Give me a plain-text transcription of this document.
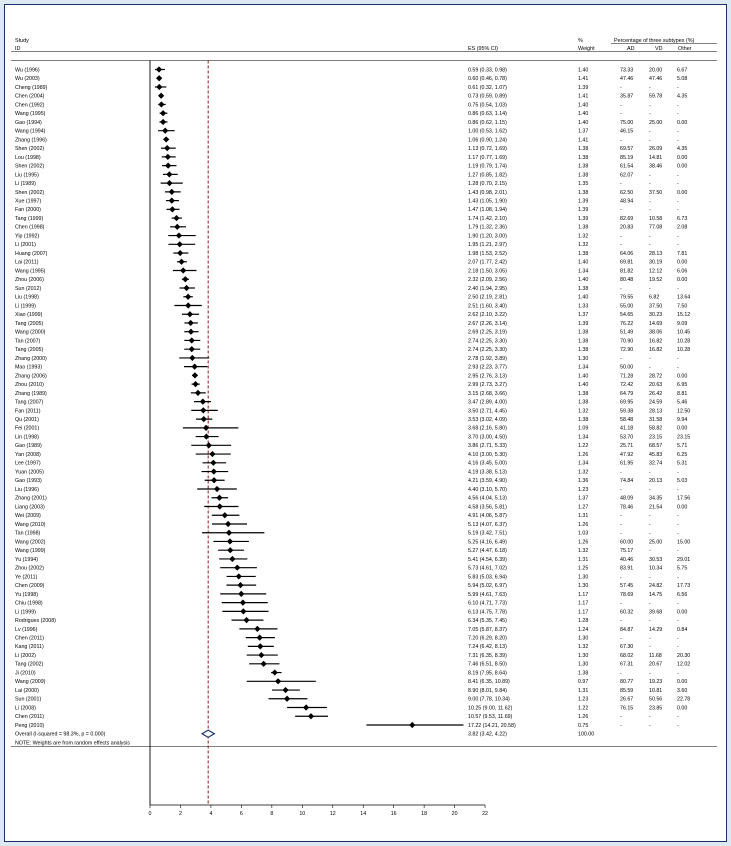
Study
ID	ES (95% CI)
%
Weight
Percentage of three subtypes (%)
AD	VD	Other
Wu (1996)	0.59 (0.33, 0.98)	1.40	73.33	20.00	6.67
Wu (2003)	0.60 (0.46, 0.78)	1.41	47.46	47.46	5.08
Cheng (1989)	0.61 (0.32, 1.07)	1.39	-	-	-
Chen (2004)	0.73 (0.59, 0.89)	1.41	35.87	59.78	4.35
Chen (1992)	0.75 (0.54, 1.03)	1.40	-	-	-
Wang (1995)	0.86 (0.63, 1.14)	1.40	-	-	-
Gao (1994)	0.86 (0.62, 1.15)	1.40	75.00	25.00	0.00
Wang (1994)	1.00 (0.53, 1.62)	1.37	46.15	-	-
Zhang (1996)	1.06 (0.90, 1.24)	1.41	-	-	-
Shen (2002)	1.13 (0.72, 1.69)	1.38	69.57	26.09	4.35
Lou (1998)	1.17 (0.77, 1.69)	1.38	85.19	14.81	0.00
Shen (2002)	1.19 (0.79, 1.74)	1.38	61.54	38.46	0.00
Liu (1995)	1.27 (0.85, 1.82)	1.38	62.07	-	-
Li (1989)	1.28 (0.70, 2.15)	1.35	-	-	-
Shen (2002)	1.43 (0.98, 2.01)	1.38	62.50	37.50	0.00
Xue (1997)	1.43 (1.05, 1.90)	1.39	48.94	-	-
Fan (2000)	1.47 (1.08, 1.94)	1.39	-	-	-
Tang (1999)	1.74 (1.42, 2.10)	1.39	82.69	10.58	6.73
Chen (1998)	1.79 (1.32, 2.36)	1.38	20.83	77.08	2.08
Yip (1992)	1.90 (1.20, 3.00)	1.32	-	-	-
Li (2001)	1.95 (1.21, 2.97)	1.32	-	-	-
Huang (2007)	1.98 (1.53, 2.52)	1.38	64.06	28.13	7.81
Lai (2011)	2.07 (1.77, 2.42)	1.40	69.81	30.19	0.00
Wang (1995)	2.18 (1.50, 3.05)	1.34	81.82	12.12	6.06
Zhou (2006)	2.32 (2.09, 2.56)	1.40	80.48	19.52	0.00
Sun (2012)	2.40 (1.94, 2.95)	1.38	-	-	-
Liu (1998)	2.50 (2.19, 2.81)	1.40	79.55	6.82	13.64
Li (1999)	2.51 (1.60, 3.40)	1.33	55.00	37.50	7.50
Xiao (1999)	2.62 (2.10, 3.22)	1.37	54.65	30.23	15.12
Tang (2005)	2.67 (2.26, 3.14)	1.39	76.22	14.69	9.09
Wang (2000)	2.69 (2.25, 3.19)	1.38	51.49	38.06	10.45
Tan (2007)	2.74 (2.25, 3.30)	1.38	70.90	16.82	10.28
Tang (2005)	2.74 (2.25, 3.30)	1.38	72.90	16.82	10.28
Zhang (2000)	2.78 (1.92, 3.89)	1.30	-	-	-
Mao (1993)	2.93 (2.23, 3.77)	1.34	50.00	-	-
Zhang (2006)	2.95 (2.76, 3.13)	1.40	71.28	28.72	0.00
Zhou (2010)	2.99 (2.73, 3.27)	1.40	72.42	20.63	6.95
Zhang (1989)	3.15 (2.68, 3.66)	1.38	64.79	26.42	8.81
Tang (2007)	3.47 (2.89, 4.00)	1.38	69.95	24.59	5.46
Fan (2011)	3.50 (2.71, 4.45)	1.32	59.38	28.13	12.50
Qu (2001)	3.53 (3.02, 4.09)	1.38	58.48	31.58	9.94
Fei (2001)	3.68 (2.16, 5.80)	1.09	41.18	58.82	0.00
Lin (1998)	3.70 (3.00, 4.50)	1.34	53.70	23.15	23.15
Gao (1989)	3.86 (2.71, 5.33)	1.22	25.71	68.57	5.71
Yan (2008)	4.10 (3.00, 5.30)	1.26	47.92	45.83	6.25
Lee (1997)	4.16 (3.45, 5.00)	1.34	61.95	32.74	5.31
Yuan (2005)	4.19 (3.38, 5.13)	1.32	-	-	-
Gao (1993)	4.21 (3.59, 4.90)	1.36	74.84	20.13	5.03
Liu (1996)	4.40 (3.10, 5.70)	1.23	-	-	-
Zhang (2001)	4.56 (4.04, 5.13)	1.37	48.09	34.35	17.56
Liang (2003)	4.58 (3.56, 5.81)	1.27	78.46	21.54	0.00
Wei (2009)	4.91 (4.06, 5.87)	1.31	-	-	-
Wang (2010)	5.13 (4.07, 6.37)	1.26	-	-	-
Tan (1998)	5.19 (3.42, 7.51)	1.03	-	-	-
Wang (2002)	5.25 (4.16, 6.49)	1.26	60.00	25.00	15.00
Wang (1999)	5.27 (4.47, 6.18)	1.32	75.17	-	-
Yu (1994)	5.41 (4.54, 6.39)	1.31	40.46	30.53	29.01
Zhou (2002)	5.73 (4.61, 7.02)	1.25	83.91	10.34	5.75
Ye (2011)	5.83 (5.03, 6.94)	1.30	-	-	-
Chen (2009)	5.94 (5.02, 6.97)	1.30	57.45	24.82	17.73
Yu (1998)	5.99 (4.61, 7.63)	1.17	78.69	14.75	6.56
Chiu (1998)	6.10 (4.71, 7.73)	1.17	-	-	-
Li (1999)	6.13 (4.75, 7.78)	1.17	60.32	39.68	0.00
Rodrigues (2008)	6.34 (5.35, 7.45)	1.28	-	-	-
Lv (1996)	7.05 (5.87, 8.37)	1.24	84.87	14.29	0.84
Chen (2011)	7.20 (6.29, 8.20)	1.30	-	-	-
Kang (2011)	7.24 (6.42, 8.13)	1.32	67.30	-	-
Li (2002)	7.31 (6.35, 8.39)	1.30	68.02	11.68	20.30
Tang (2002)	7.46 (6.51, 8.50)	1.30	67.31	20.67	12.02
Ji (2010)	8.19 (7.95, 8.64)	1.38	-	-	-
Wang (2009)	8.41 (6.35, 10.89)	0.97	80.77	19.23	0.00
Lai (2000)	8.90 (8.01, 9.84)	1.31	85.59	10.81	3.60
Sun (2001)	9.00 (7.78, 10.34)	1.23	26.67	50.56	22.78
Li (2008)	10.25 (9.00, 11.62)	1.22	76.15	23.85	0.00
Chen (2011)	10.57 (9.53, 11.69)	1.26	-	-	-
Peng (2010)	17.22 (14.21, 20.58)	0.75	-	-	-
Overall (I-squared = 98.3%, p = 0.000)	3.82 (3.42, 4.22)	100.00
NOTE: Weights are from random effects analysis
0	2	4	6	8	10	12	14	16	18	20	22
